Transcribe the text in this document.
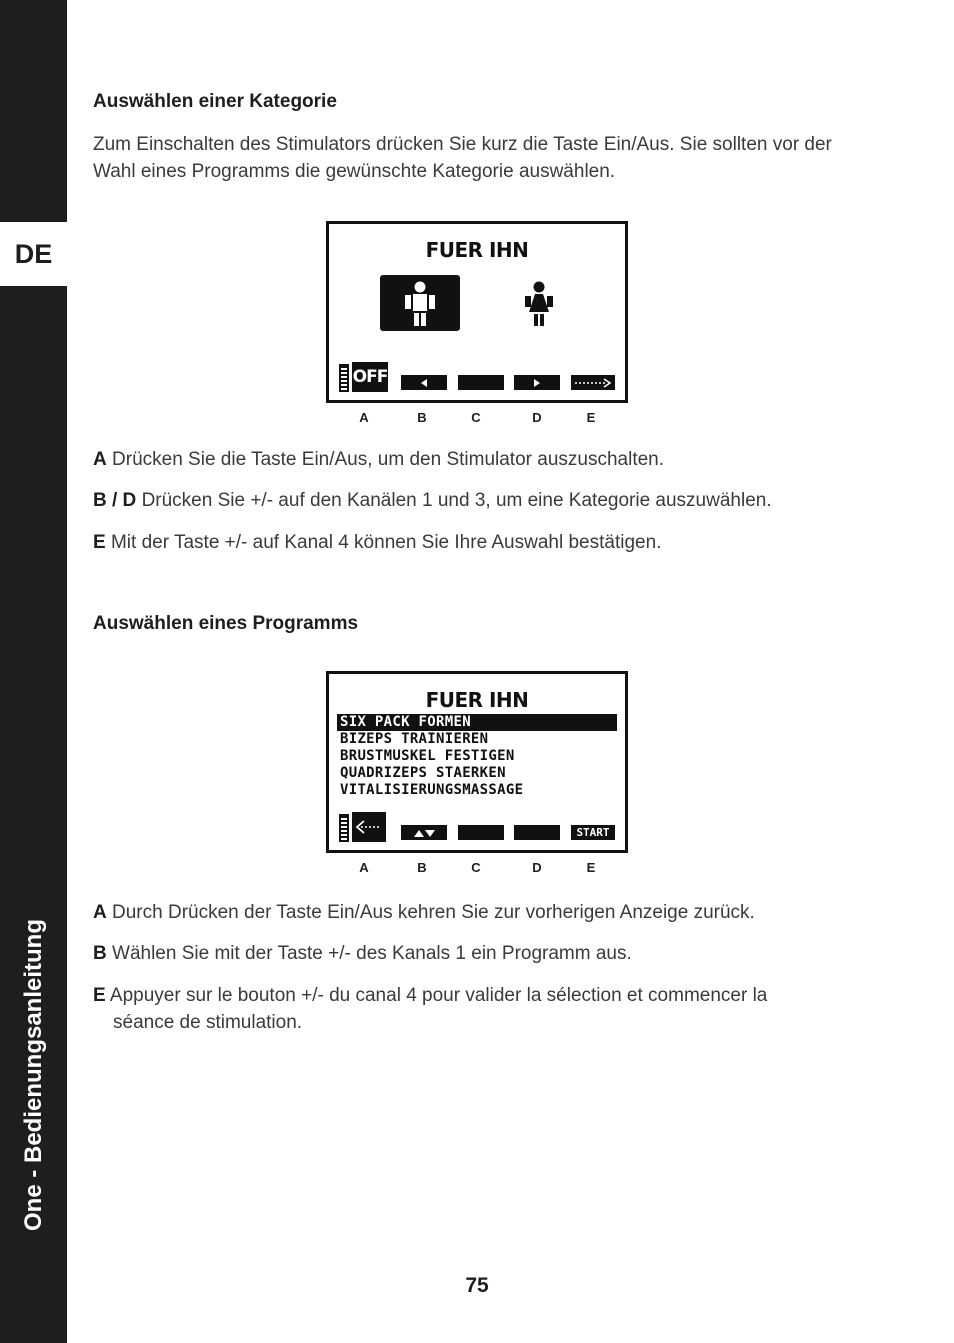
DE
One - Bedienungsanleitung
Auswählen einer Kategorie
Zum Einschalten des Stimulators drücken Sie kurz die Taste Ein/Aus. Sie sollten vor der Wahl eines Programms die gewünschte Kategorie auswählen.
FUER IHN
OFF
A	B	C	D	E
A Drücken Sie die Taste Ein/Aus, um den Stimulator auszuschalten.
B / D Drücken Sie +/- auf den Kanälen 1 und 3, um eine Kategorie auszuwählen.
E Mit der Taste +/- auf Kanal 4 können Sie Ihre Auswahl bestätigen.
Auswählen eines Programms
FUER IHN
SIX PACK FORMEN
BIZEPS TRAINIEREN
BRUSTMUSKEL FESTIGEN
QUADRIZEPS STAERKEN
VITALISIERUNGSMASSAGE
START
A	B	C	D	E
A Durch Drücken der Taste Ein/Aus kehren Sie zur vorherigen Anzeige zurück.
B Wählen Sie mit der Taste +/- des Kanals 1 ein Programm aus.
E Appuyer sur le bouton +/- du canal 4 pour valider la sélection et commencer la
séance de stimulation.
75
